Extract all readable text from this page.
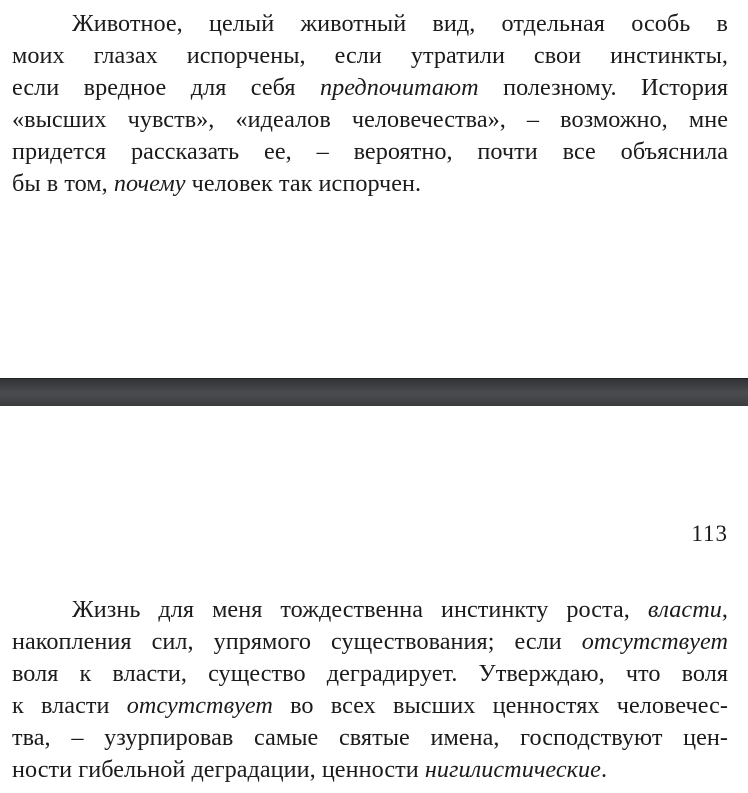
Животное, целый животный вид, отдельная особь в
моих глазах испорчены, если утратили свои инстинкты,
если вредное для себя предпочитают полезному. История
«высших чувств», «идеалов человечества», – возможно, мне
придется рассказать ее, – вероятно, почти все объяснила
бы в том, почему человек так испорчен.

113

Жизнь для меня тождественна инстинкту роста, власти,
накопления сил, упрямого существования; если отсутствует
воля к власти, существо деградирует. Утверждаю, что воля
к власти отсутствует во всех высших ценностях человечес-
тва, – узурпировав самые святые имена, господствуют цен-
ности гибельной деградации, ценности нигилистические.
